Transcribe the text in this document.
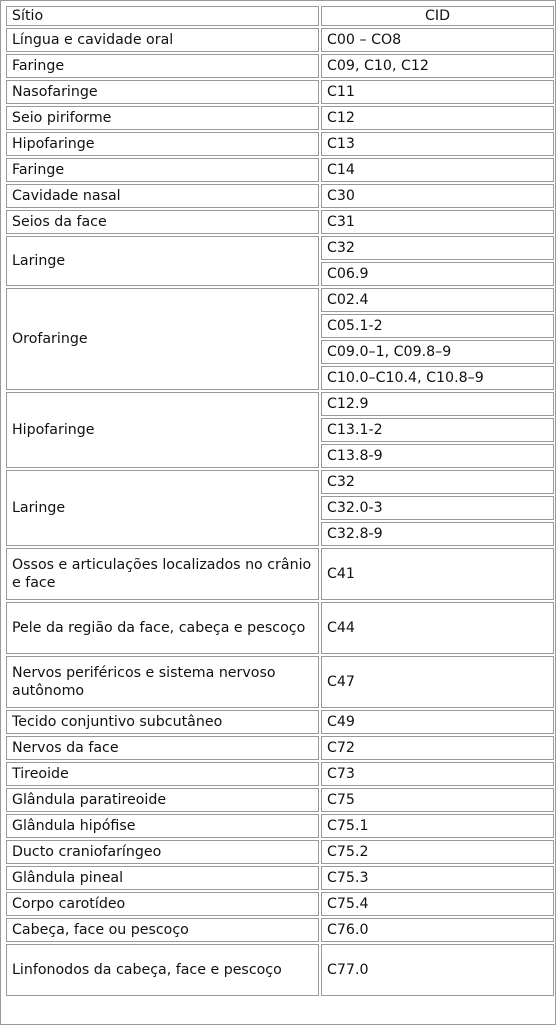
Sítio	CID
Língua e cavidade oral	C00 – CO8
Faringe	C09, C10, C12
Nasofaringe	C11
Seio piriforme	C12
Hipofaringe	C13
Faringe	C14
Cavidade nasal	C30
Seios da face	C31
Laringe	C32
	C06.9
Orofaringe	C02.4
	C05.1-2
	C09.0–1, C09.8–9
	C10.0–C10.4, C10.8–9
Hipofaringe	C12.9
	C13.1-2
	C13.8-9
Laringe	C32
	C32.0-3
	C32.8-9
Ossos e articulações localizados no crânio e face	C41
Pele da região da face, cabeça e pescoço	C44
Nervos periféricos e sistema nervoso autônomo	C47
Tecido conjuntivo subcutâneo	C49
Nervos da face	C72
Tireoide	C73
Glândula paratireoide	C75
Glândula hipófise	C75.1
Ducto craniofaríngeo	C75.2
Glândula pineal	C75.3
Corpo carotídeo	C75.4
Cabeça, face ou pescoço	C76.0
Linfonodos da cabeça, face e pescoço	C77.0
